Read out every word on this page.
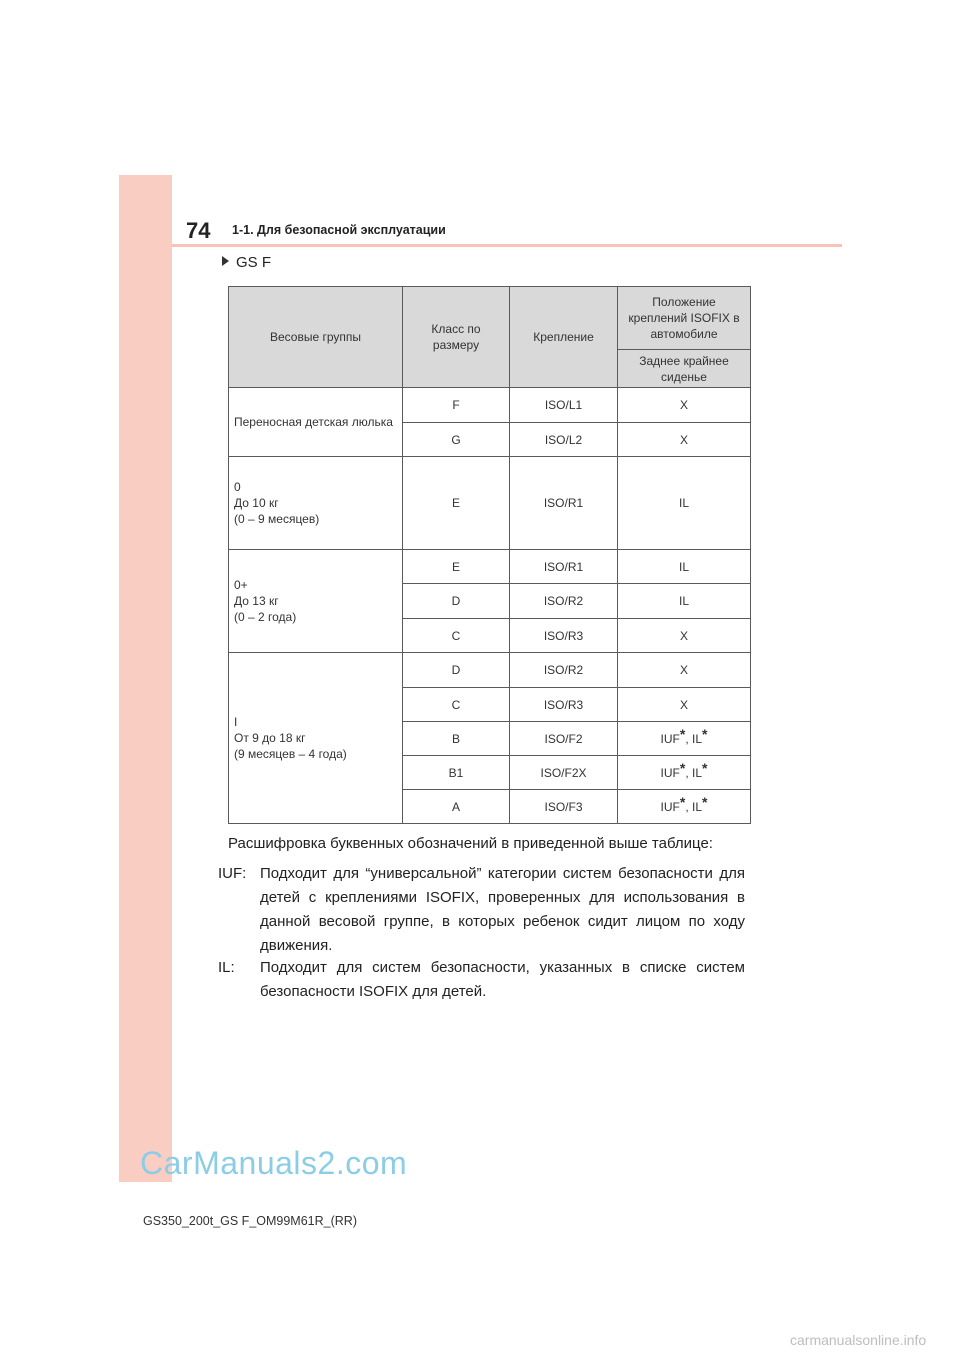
74 1-1. Для безопасной эксплуатации
GS F
Весовые группы	Класс по размеру	Крепление	Положение креплений ISOFIX в автомобиле
			Заднее крайнее сиденье
Переносная детская люлька	F	ISO/L1	X
	G	ISO/L2	X
0
До 10 кг
(0 – 9 месяцев)	E	ISO/R1	IL
0+
До 13 кг
(0 – 2 года)	E	ISO/R1	IL
	D	ISO/R2	IL
	C	ISO/R3	X
I
От 9 до 18 кг
(9 месяцев – 4 года)	D	ISO/R2	X
	C	ISO/R3	X
	B	ISO/F2	IUF*, IL*
	B1	ISO/F2X	IUF*, IL*
	A	ISO/F3	IUF*, IL*
Расшифровка буквенных обозначений в приведенной выше таблице:
IUF: Подходит для “универсальной” категории систем безопасности для детей с креплениями ISOFIX, проверенных для использования в данной весовой группе, в которых ребенок сидит лицом по ходу движения.
IL: Подходит для систем безопасности, указанных в списке систем безопасности ISOFIX для детей.
CarManuals2.com
GS350_200t_GS F_OM99M61R_(RR)
carmanualsonline.info
